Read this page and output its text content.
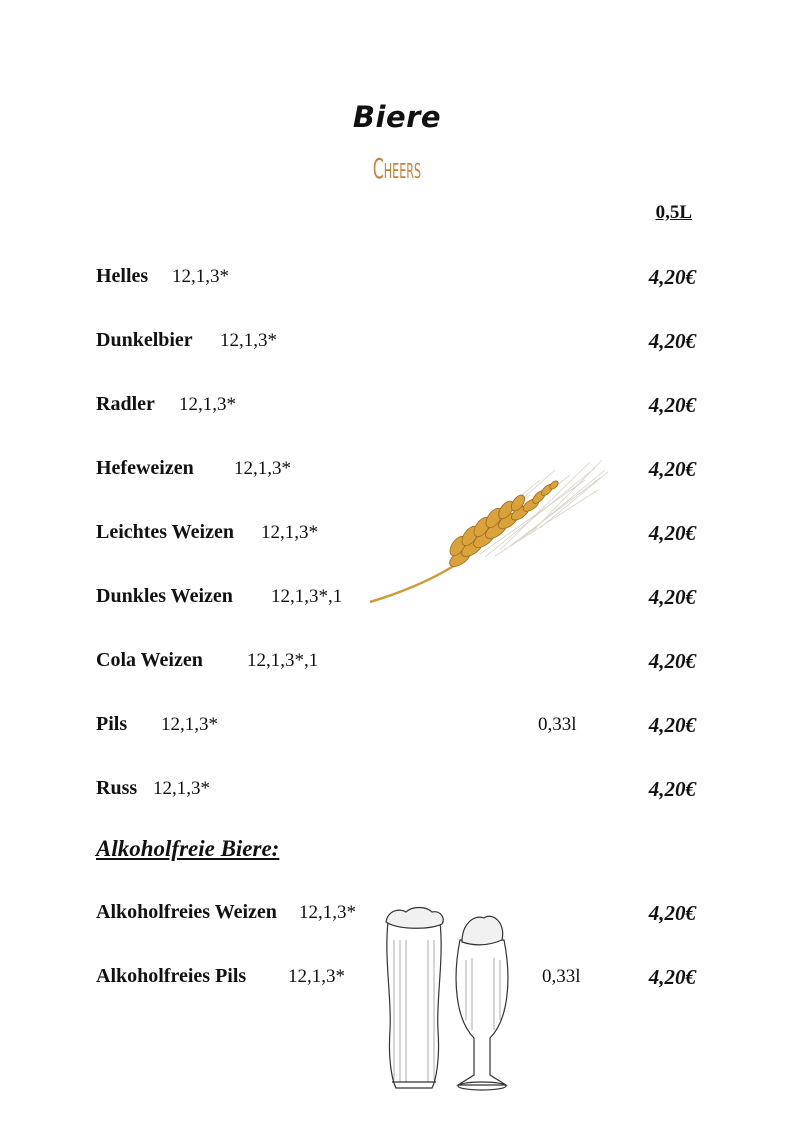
Biere
Cheers
0,5L
Helles 12,1,3*	4,20€
Dunkelbier 12,1,3*	4,20€
Radler 12,1,3*	4,20€
Hefeweizen 12,1,3*	4,20€
Leichtes Weizen 12,1,3*	4,20€
Dunkles Weizen 12,1,3*,1	4,20€
Cola Weizen 12,1,3*,1	4,20€
Pils 12,1,3*	0,33l	4,20€
Russ 12,1,3*	4,20€
Alkoholfreie Biere:
Alkoholfreies Weizen 12,1,3*	4,20€
Alkoholfreies Pils 12,1,3*	0,33l	4,20€
